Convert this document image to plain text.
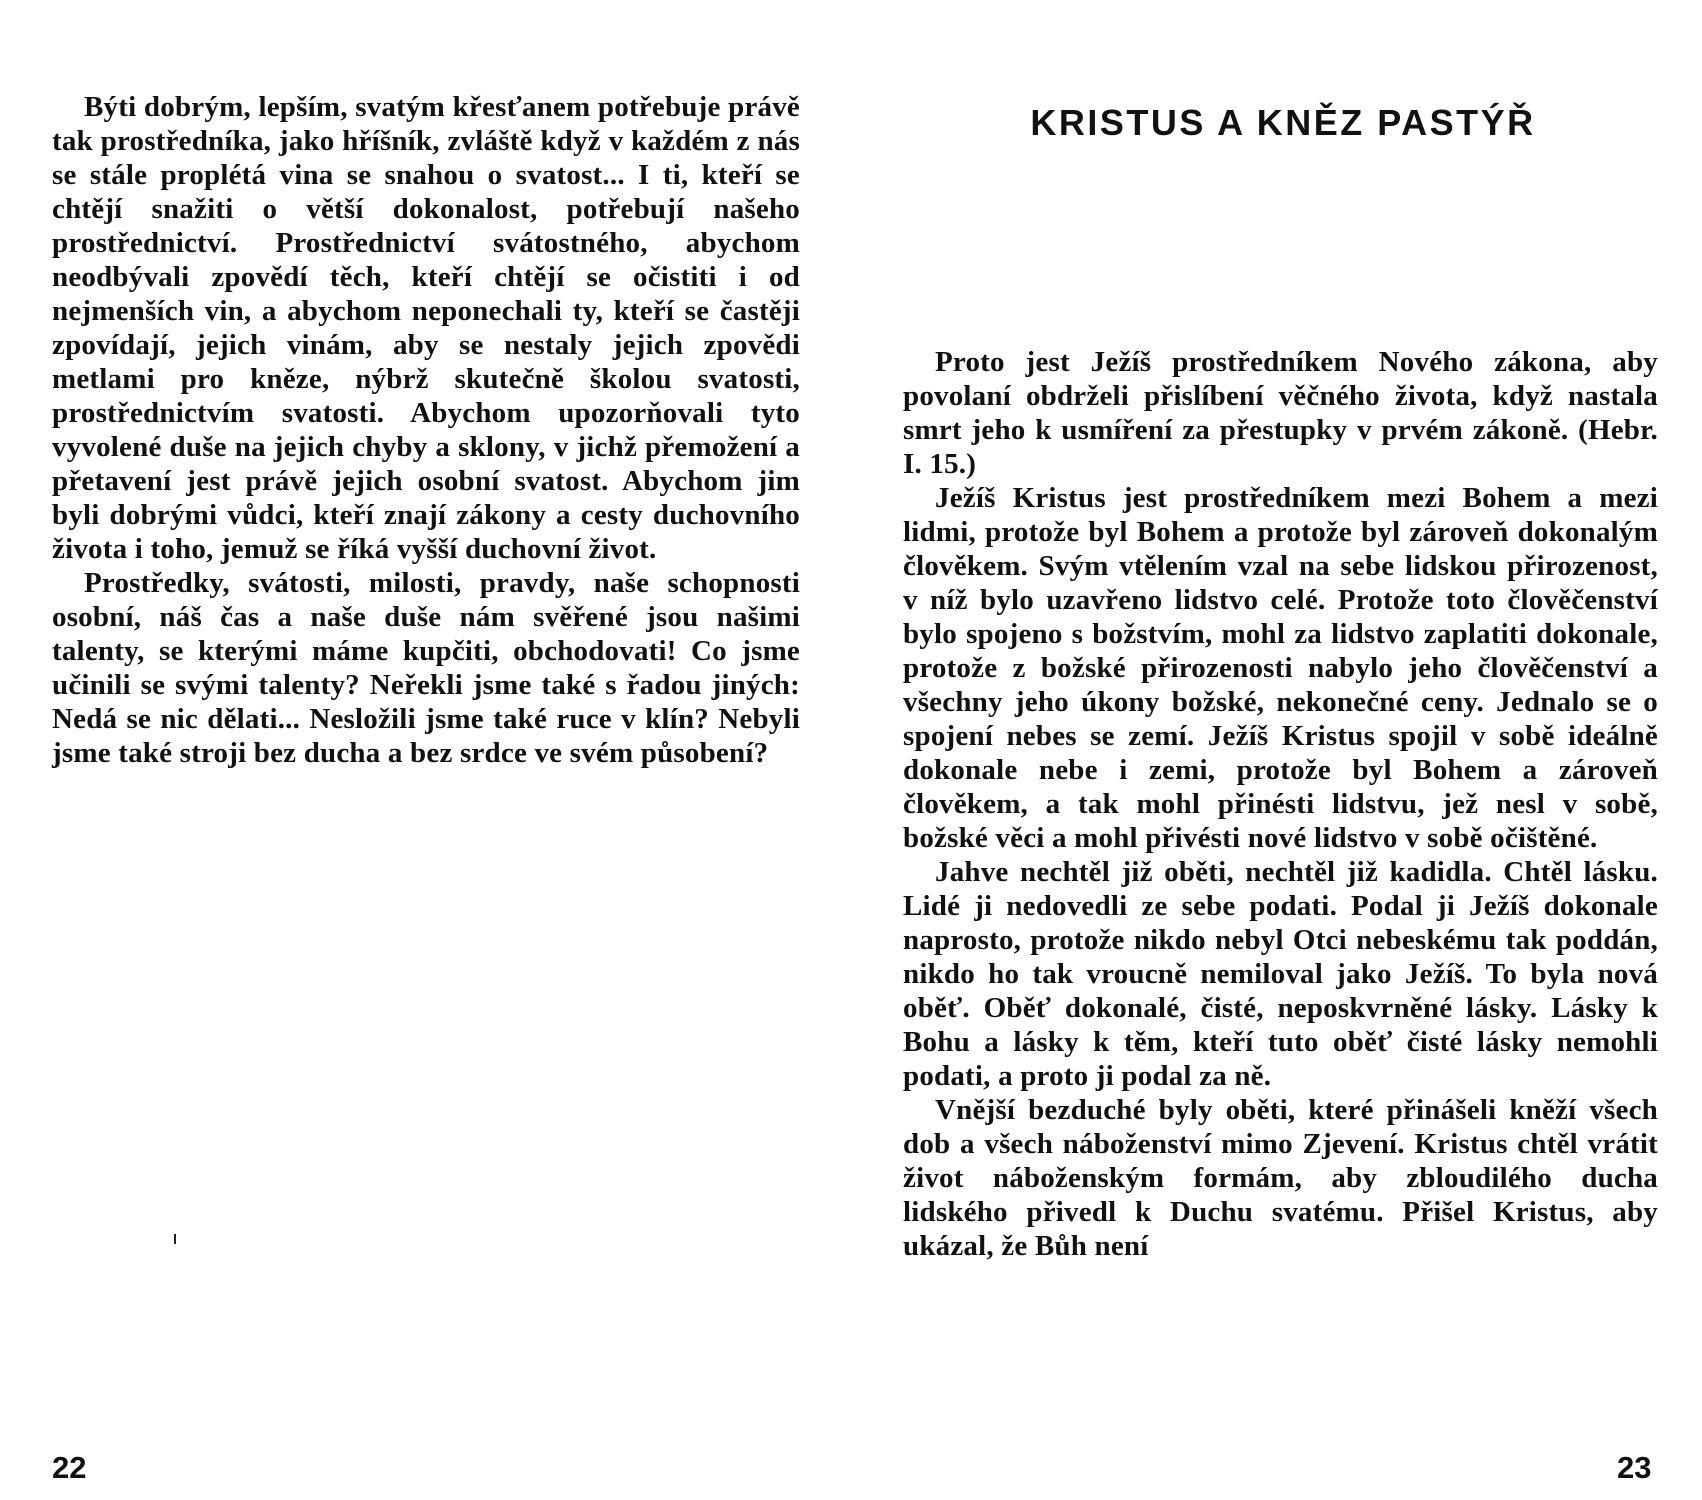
Býti dobrým, lepším, svatým křesťanem potřebuje právě tak prostředníka, jako hříšník, zvláště když v každém z nás se stále proplétá vina se snahou o svatost... I ti, kteří se chtějí snažiti o větší dokonalost, potřebují našeho prostřednictví. Prostřednictví svátostného, abychom neodbývali zpovědí těch, kteří chtějí se očistiti i od nejmenších vin, a abychom neponechali ty, kteří se častěji zpovídají, jejich vinám, aby se nestaly jejich zpovědi metlami pro kněze, nýbrž skutečně školou svatosti, prostřednictvím svatosti. Abychom upozorňovali tyto vyvolené duše na jejich chyby a sklony, v jichž přemožení a přetavení jest právě jejich osobní svatost. Abychom jim byli dobrými vůdci, kteří znají zákony a cesty duchovního života i toho, jemuž se říká vyšší duchovní život.

Prostředky, svátosti, milosti, pravdy, naše schopnosti osobní, náš čas a naše duše nám svěřené jsou našimi talenty, se kterými máme kupčiti, obchodovati! Co jsme učinili se svými talenty? Neřekli jsme také s řadou jiných: Nedá se nic dělati... Nesložili jsme také ruce v klín? Nebyli jsme také stroji bez ducha a bez srdce ve svém působení?

22
KRISTUS A KNĚZ PASTÝŘ

Proto jest Ježíš prostředníkem Nového zákona, aby povolaní obdrželi přislíbení věčného života, když nastala smrt jeho k usmíření za přestupky v prvém zákoně. (Hebr. I. 15.)

Ježíš Kristus jest prostředníkem mezi Bohem a mezi lidmi, protože byl Bohem a protože byl zároveň dokonalým člověkem. Svým vtělením vzal na sebe lidskou přirozenost, v níž bylo uzavřeno lidstvo celé. Protože toto člověčenství bylo spojeno s božstvím, mohl za lidstvo zaplatiti dokonale, protože z božské přirozenosti nabylo jeho člověčenství a všechny jeho úkony božské, nekonečné ceny. Jednalo se o spojení nebes se zemí. Ježíš Kristus spojil v sobě ideálně dokonale nebe i zemi, protože byl Bohem a zároveň člověkem, a tak mohl přinésti lidstvu, jež nesl v sobě, božské věci a mohl přivésti nové lidstvo v sobě očištěné.

Jahve nechtěl již oběti, nechtěl již kadidla. Chtěl lásku. Lidé ji nedovedli ze sebe podati. Podal ji Ježíš dokonale naprosto, protože nikdo nebyl Otci nebeskému tak poddán, nikdo ho tak vroucně nemiloval jako Ježíš. To byla nová oběť. Oběť dokonalé, čisté, neposkvrněné lásky. Lásky k Bohu a lásky k těm, kteří tuto oběť čisté lásky nemohli podati, a proto ji podal za ně.

Vnější bezduché byly oběti, které přinášeli kněží všech dob a všech náboženství mimo Zjevení. Kristus chtěl vrátit život náboženským formám, aby zbloudilého ducha lidského přivedl k Duchu svatému. Přišel Kristus, aby ukázal, že Bůh není

23
